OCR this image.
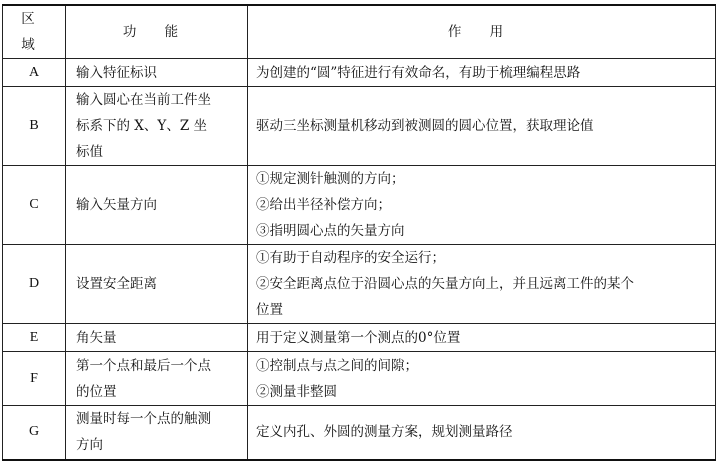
区 域	功 能	作 用
A	输入特征标识	为创建的“圆”特征进行有效命名，有助于梳理编程思路

B	输入圆心在当前工件坐
标系下的 X、Y、Z 坐
标值	驱动三坐标测量机移动到被测圆的圆心位置，获取理论值

C	输入矢量方向	①规定测针触测的方向；
②给出半径补偿方向；
③指明圆心点的矢量方向

D	设置安全距离	①有助于自动程序的安全运行；
②安全距离点位于沿圆心点的矢量方向上，并且远离工件的某个
位置

E	角矢量	用于定义测量第一个测点的0°位置

F	第一个点和最后一个点
的位置	①控制点与点之间的间隙；
②测量非整圆

G	测量时每一个点的触测
方向	定义内孔、外圆的测量方案，规划测量路径
